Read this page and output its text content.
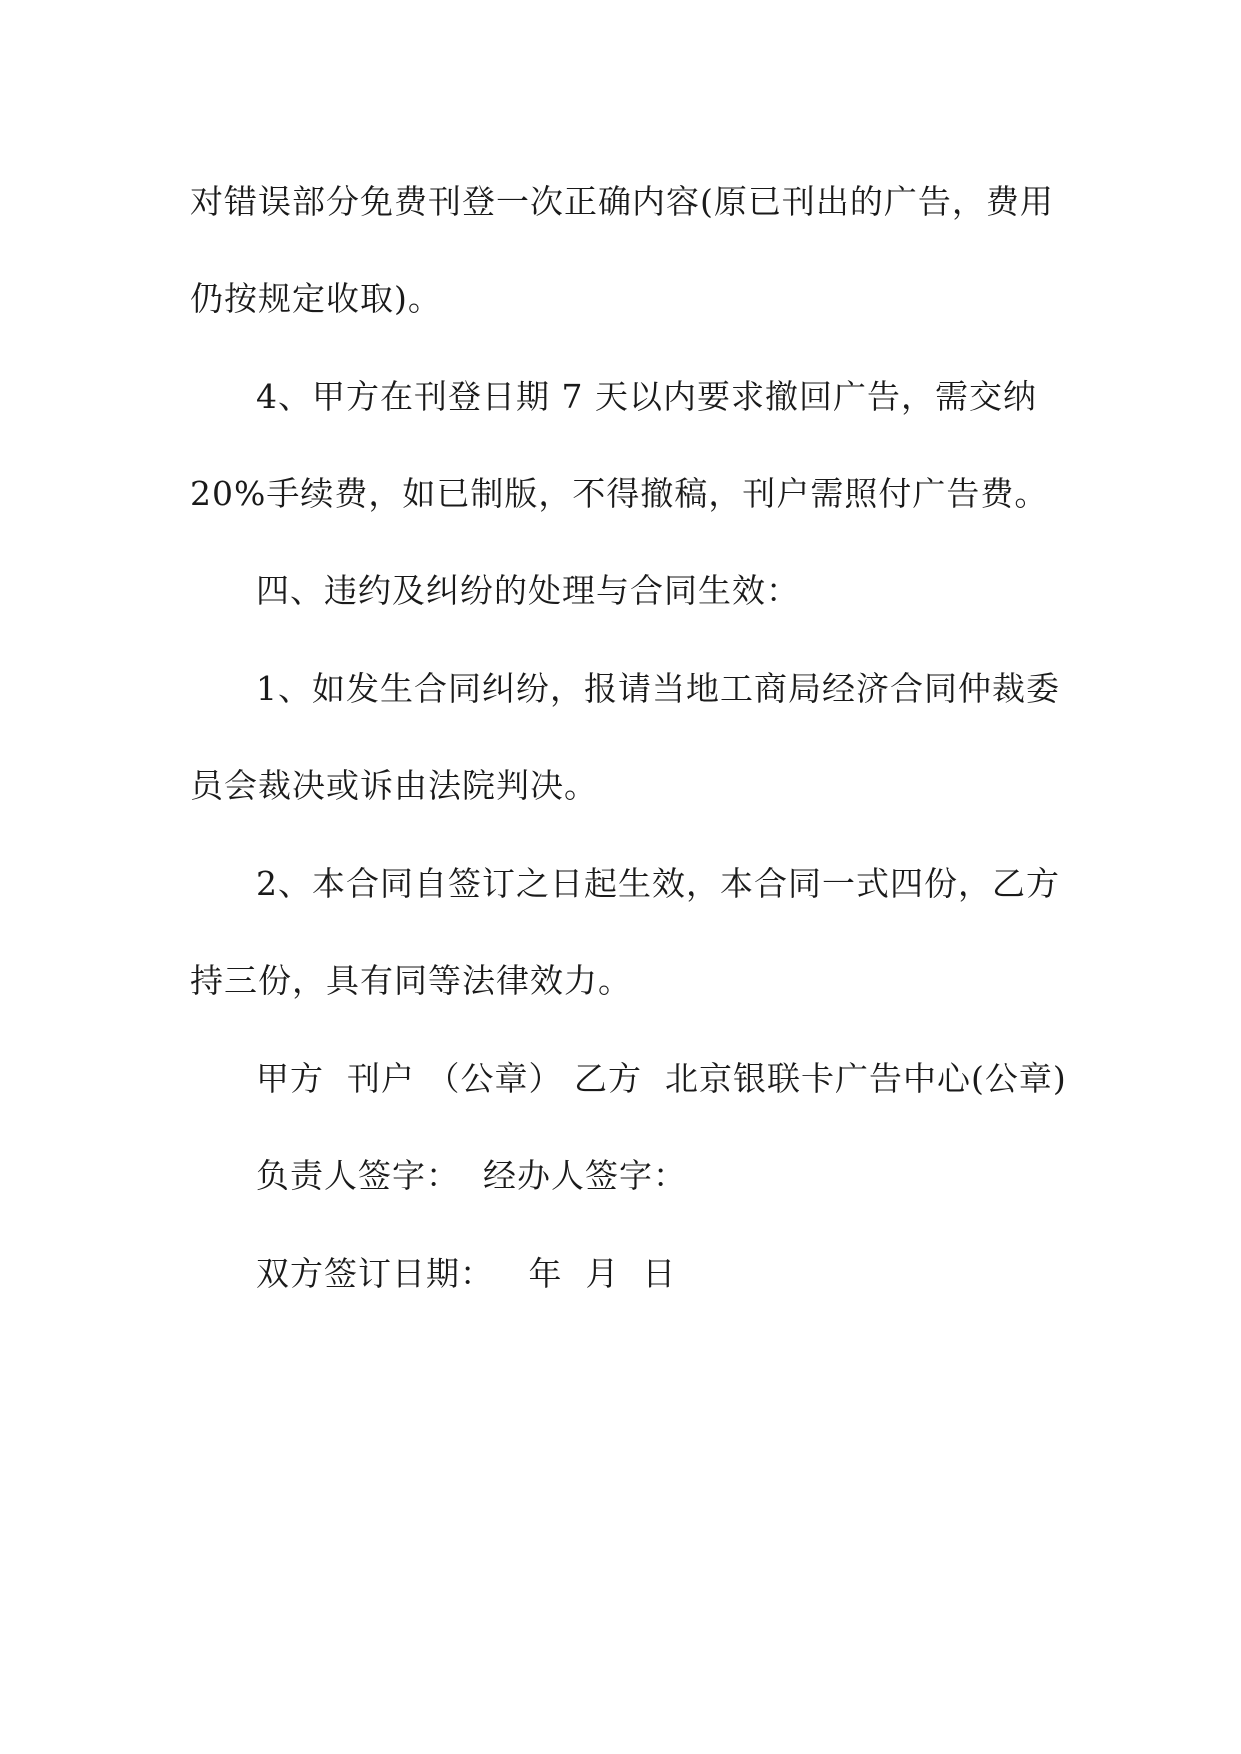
对错误部分免费刊登一次正确内容(原已刊出的广告，费用
仍按规定收取)。
4、甲方在刊登日期 7 天以内要求撤回广告，需交纳
20%手续费，如已制版，不得撤稿，刊户需照付广告费。
四、违约及纠纷的处理与合同生效：
1、如发生合同纠纷，报请当地工商局经济合同仲裁委
员会裁决或诉由法院判决。
2、本合同自签订之日起生效，本合同一式四份，乙方
持三份，具有同等法律效力。
甲方  刊户 （公章） 乙方  北京银联卡广告中心(公章)
负责人签字：  经办人签字：
双方签订日期：   年  月  日
